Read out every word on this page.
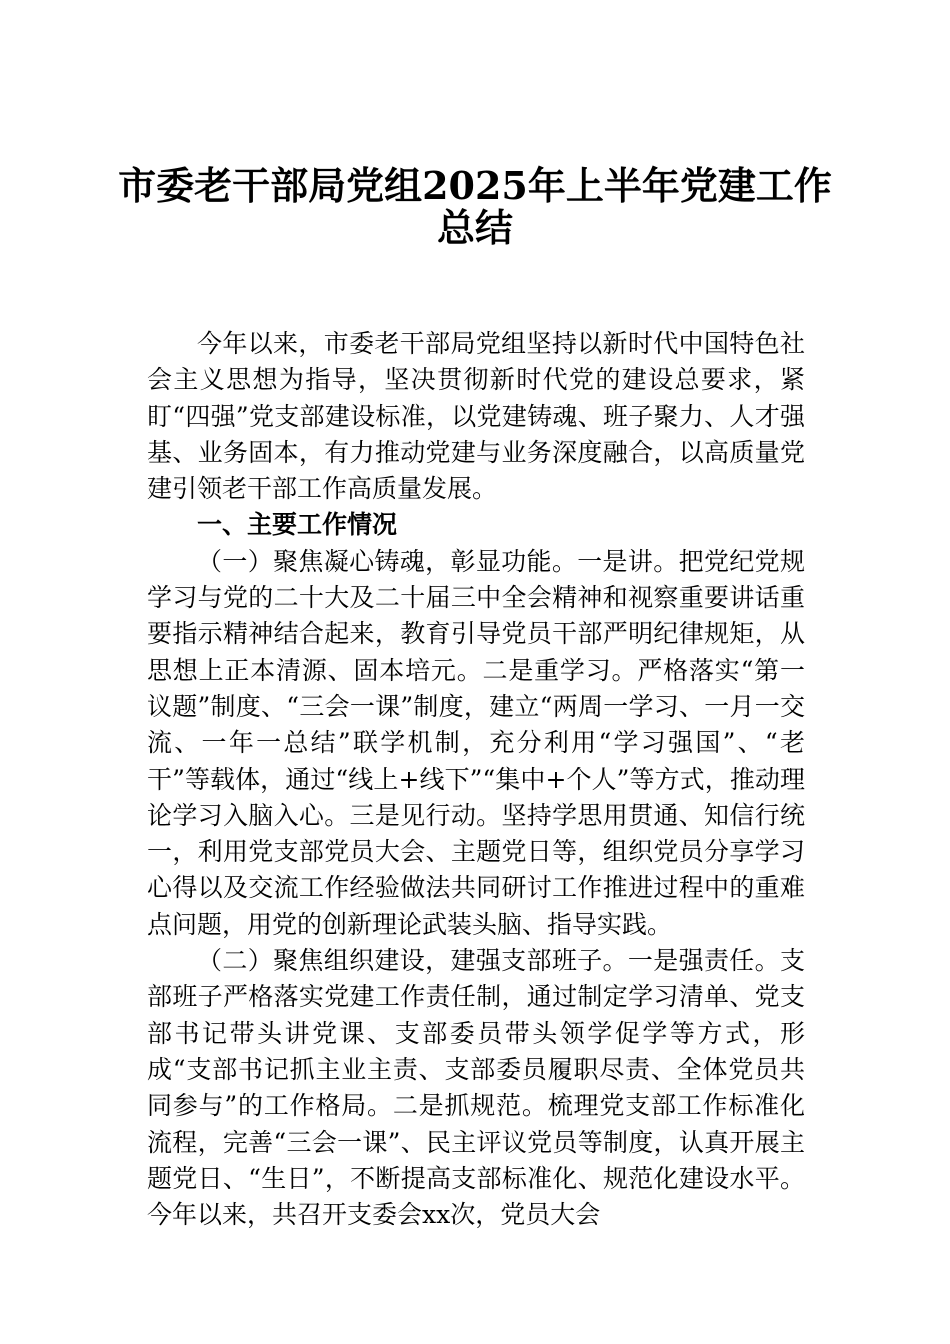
市委老干部局党组2025年上半年党建工作
总结

今年以来，市委老干部局党组坚持以新时代中国特色社会主义思想为指导，坚决贯彻新时代党的建设总要求，紧盯“四强”党支部建设标准，以党建铸魂、班子聚力、人才强基、业务固本，有力推动党建与业务深度融合，以高质量党建引领老干部工作高质量发展。

一、主要工作情况

（一）聚焦凝心铸魂，彰显功能。一是讲。把党纪党规学习与党的二十大及二十届三中全会精神和视察重要讲话重要指示精神结合起来，教育引导党员干部严明纪律规矩，从思想上正本清源、固本培元。二是重学习。严格落实“第一议题”制度、“三会一课”制度，建立“两周一学习、一月一交流、一年一总结”联学机制，充分利用“学习强国”、“老干”等载体，通过“线上+线下”“集中+个人”等方式，推动理论学习入脑入心。三是见行动。坚持学思用贯通、知信行统一，利用党支部党员大会、主题党日等，组织党员分享学习心得以及交流工作经验做法共同研讨工作推进过程中的重难点问题，用党的创新理论武装头脑、指导实践。

（二）聚焦组织建设，建强支部班子。一是强责任。支部班子严格落实党建工作责任制，通过制定学习清单、党支部书记带头讲党课、支部委员带头领学促学等方式，形成“支部书记抓主业主责、支部委员履职尽责、全体党员共同参与”的工作格局。二是抓规范。梳理党支部工作标准化流程，完善“三会一课”、民主评议党员等制度，认真开展主题党日、“生日”，不断提高支部标准化、规范化建设水平。今年以来，共召开支委会xx次，党员大会
